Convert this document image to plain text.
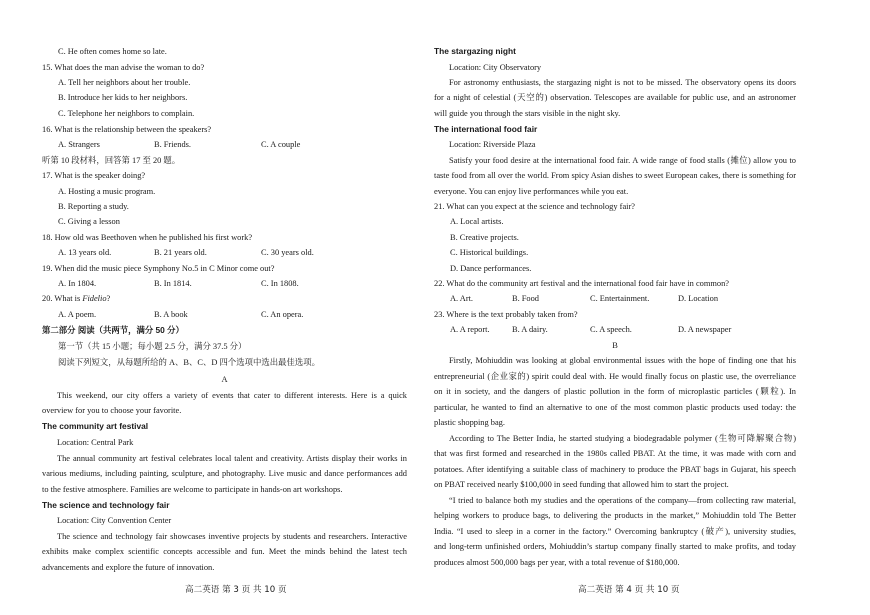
C. He often comes home so late.
15. What does the man advise the woman to do?
A. Tell her neighbors about her trouble.
B. Introduce her kids to her neighbors.
C. Telephone her neighbors to complain.
16. What is the relationship between the speakers?
A. Strangers	B. Friends.	C. A couple
听第 10 段材料，回答第 17 至 20 题。
17. What is the speaker doing?
A. Hosting a music program.
B. Reporting a study.
C. Giving a lesson
18. How old was Beethoven when he published his first work?
A. 13 years old.	B. 21 years old.	C. 30 years old.
19. When did the music piece Symphony No.5 in C Minor come out?
A. In 1804.	B. In 1814.	C. In 1808.
20. What is Fidelio?
A. A poem.	B. A book	C. An opera.
第二部分 阅读（共两节，满分 50 分）
第一节（共 15 小题；每小题 2.5 分，满分 37.5 分）
阅读下列短文，从每题所给的 A、B、C、D 四个选项中选出最佳选项。
A
This weekend, our city offers a variety of events that cater to different interests. Here is a quick
overview for you to choose your favorite.
The community art festival
Location: Central Park
The annual community art festival celebrates local talent and creativity. Artists display their works in
various mediums, including painting, sculpture, and photography. Live music and dance performances add
to the festive atmosphere. Families are welcome to participate in hands-on art workshops.
The science and technology fair
Location: City Convention Center
The science and technology fair showcases inventive projects by students and researchers. Interactive
exhibits make complex scientific concepts accessible and fun. Meet the minds behind the latest tech
advancements and explore the future of innovation.
The stargazing night
Location: City Observatory
For astronomy enthusiasts, the stargazing night is not to be missed. The observatory opens its doors
for a night of celestial (天空的) observation. Telescopes are available for public use, and an astronomer
will guide you through the stars visible in the night sky.
The international food fair
Location: Riverside Plaza
Satisfy your food desire at the international food fair. A wide range of food stalls (摊位) allow you to
taste food from all over the world. From spicy Asian dishes to sweet European cakes, there is something for
everyone. You can enjoy live performances while you eat.
21. What can you expect at the science and technology fair?
A. Local artists.
B. Creative projects.
C. Historical buildings.
D. Dance performances.
22. What do the community art festival and the international food fair have in common?
A. Art.	B. Food	C. Entertainment.	D. Location
23. Where is the text probably taken from?
A. A report.	B. A dairy.	C. A speech.	D. A newspaper
B
Firstly, Mohiuddin was looking at global environmental issues with the hope of finding one that his
entrepreneurial (企业家的) spirit could deal with. He would finally focus on plastic use, the overreliance
on it in society, and the dangers of plastic pollution in the form of microplastic particles (颗粒). In
particular, he wanted to find an alternative to one of the most common plastic products used today: the
plastic shopping bag.
According to The Better India, he started studying a biodegradable polymer (生物可降解聚合物)
that was first formed and researched in the 1980s called PBAT. At the time, it was made with corn and
potatoes. After identifying a suitable class of machinery to produce the PBAT bags in Gujarat, his speech
on PBAT received nearly $100,000 in seed funding that allowed him to start the project.
“I tried to balance both my studies and the operations of the company—from collecting raw material,
helping workers to produce bags, to delivering the products in the market,” Mohiuddin told The Better
India. “I used to sleep in a corner in the factory.” Overcoming bankruptcy (破产), university studies,
and long-term unfinished orders, Mohiuddin’s startup company finally started to make profits, and today
produces almost 500,000 bags per year, with a total revenue of $180,000.
高二英语 第 3 页 共 10 页	高二英语 第 4 页 共 10 页
